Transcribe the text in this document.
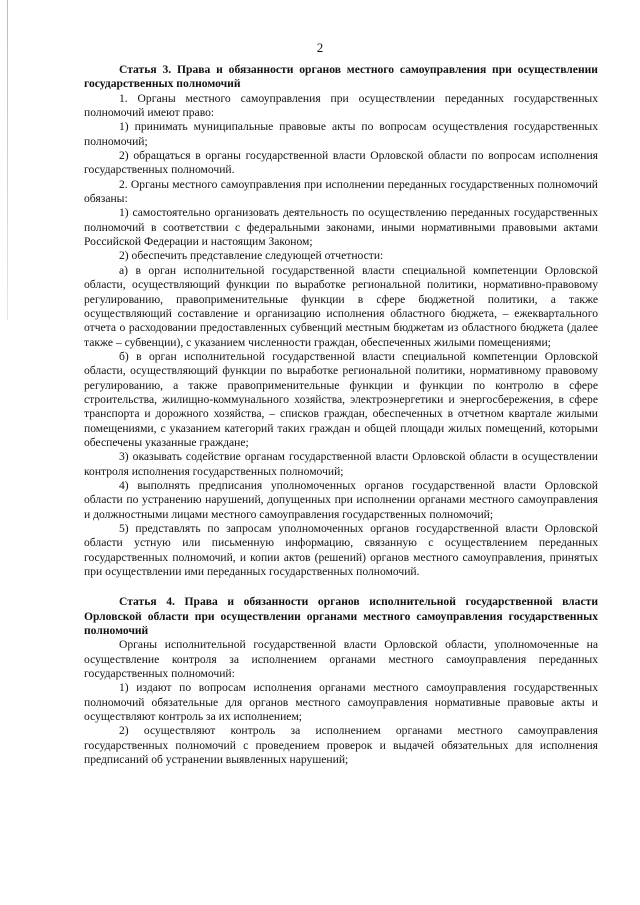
2

Статья 3. Права и обязанности органов местного самоуправления при осуществлении государственных полномочий

1. Органы местного самоуправления при осуществлении переданных государственных полномочий имеют право:

1) принимать муниципальные правовые акты по вопросам осуществления государственных полномочий;

2) обращаться в органы государственной власти Орловской области по вопросам исполнения государственных полномочий.

2. Органы местного самоуправления при исполнении переданных государственных полномочий обязаны:

1) самостоятельно организовать деятельность по осуществлению переданных государственных полномочий в соответствии с федеральными законами, иными нормативными правовыми актами Российской Федерации и настоящим Законом;

2) обеспечить представление следующей отчетности:

а) в орган исполнительной государственной власти специальной компетенции Орловской области, осуществляющий функции по выработке региональной политики, нормативно-правовому регулированию, правоприменительные функции в сфере бюджетной политики, а также осуществляющий составление и организацию исполнения областного бюджета, – ежеквартального отчета о расходовании предоставленных субвенций местным бюджетам из областного бюджета (далее также – субвенции), с указанием численности граждан, обеспеченных жилыми помещениями;

б) в орган исполнительной государственной власти специальной компетенции Орловской области, осуществляющий функции по выработке региональной политики, нормативному правовому регулированию, а также правоприменительные функции и функции по контролю в сфере строительства, жилищно-коммунального хозяйства, электроэнергетики и энергосбережения, в сфере транспорта и дорожного хозяйства, – списков граждан, обеспеченных в отчетном квартале жилыми помещениями, с указанием категорий таких граждан и общей площади жилых помещений, которыми обеспечены указанные граждане;

3) оказывать содействие органам государственной власти Орловской области в осуществлении контроля исполнения государственных полномочий;

4) выполнять предписания уполномоченных органов государственной власти Орловской области по устранению нарушений, допущенных при исполнении органами местного самоуправления и должностными лицами местного самоуправления государственных полномочий;

5) представлять по запросам уполномоченных органов государственной власти Орловской области устную или письменную информацию, связанную с осуществлением переданных государственных полномочий, и копии актов (решений) органов местного самоуправления, принятых при осуществлении ими переданных государственных полномочий.

Статья 4. Права и обязанности органов исполнительной государственной власти Орловской области при осуществлении органами местного самоуправления государственных полномочий

Органы исполнительной государственной власти Орловской области, уполномоченные на осуществление контроля за исполнением органами местного самоуправления переданных государственных полномочий:

1) издают по вопросам исполнения органами местного самоуправления государственных полномочий обязательные для органов местного самоуправления нормативные правовые акты и осуществляют контроль за их исполнением;

2) осуществляют контроль за исполнением органами местного самоуправления государственных полномочий с проведением проверок и выдачей обязательных для исполнения предписаний об устранении выявленных нарушений;
